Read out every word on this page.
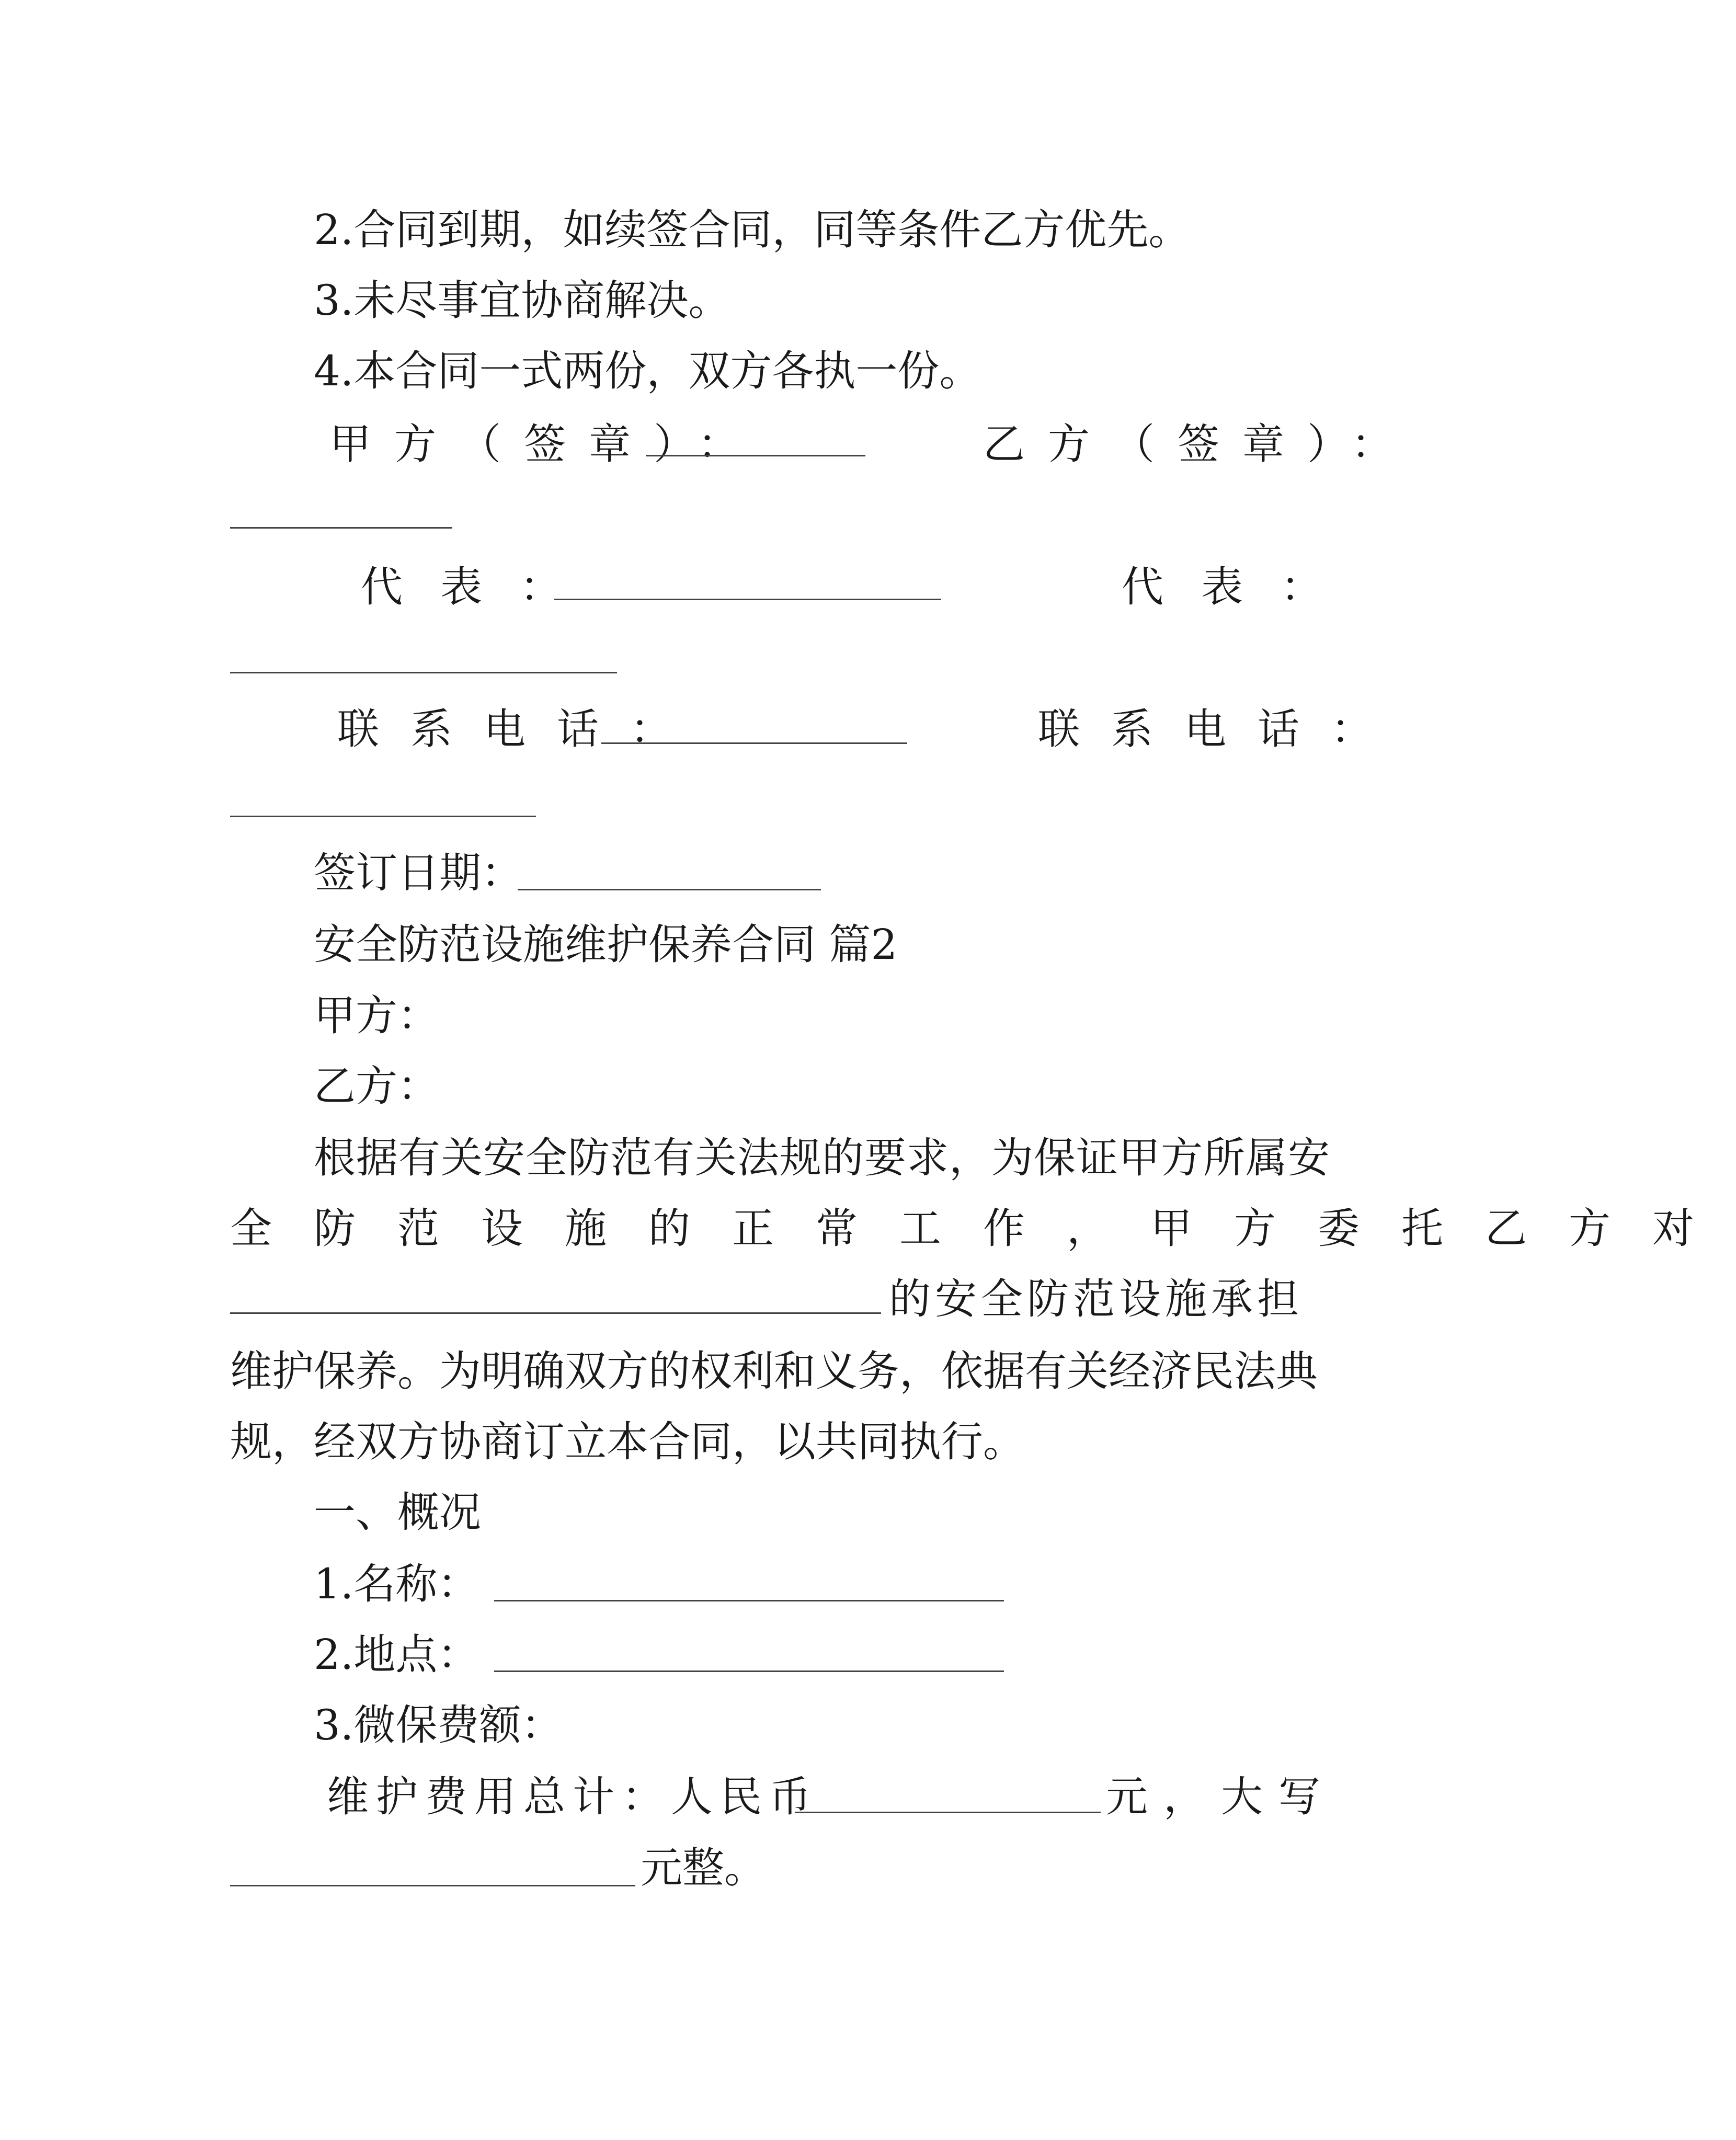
2.合同到期，如续签合同，同等条件乙方优先。
3.未尽事宜协商解决。
4.本合同一式两份，双方各执一份。
甲方（签章）：	乙方（签章）：
代表：	代表：
联系电话：	联系电话：
签订日期：
安全防范设施维护保养合同 篇2
甲方：
乙方：
根据有关安全防范有关法规的要求，为保证甲方所属安
全防范设施的正常工作，甲方委托乙方对
的安全防范设施承担
维护保养。为明确双方的权利和义务，依据有关经济民法典
规，经双方协商订立本合同，以共同执行。
一、概况
1.名称：
2.地点：
3.微保费额：
维护费用总计：人民币	元，大写
元整。
